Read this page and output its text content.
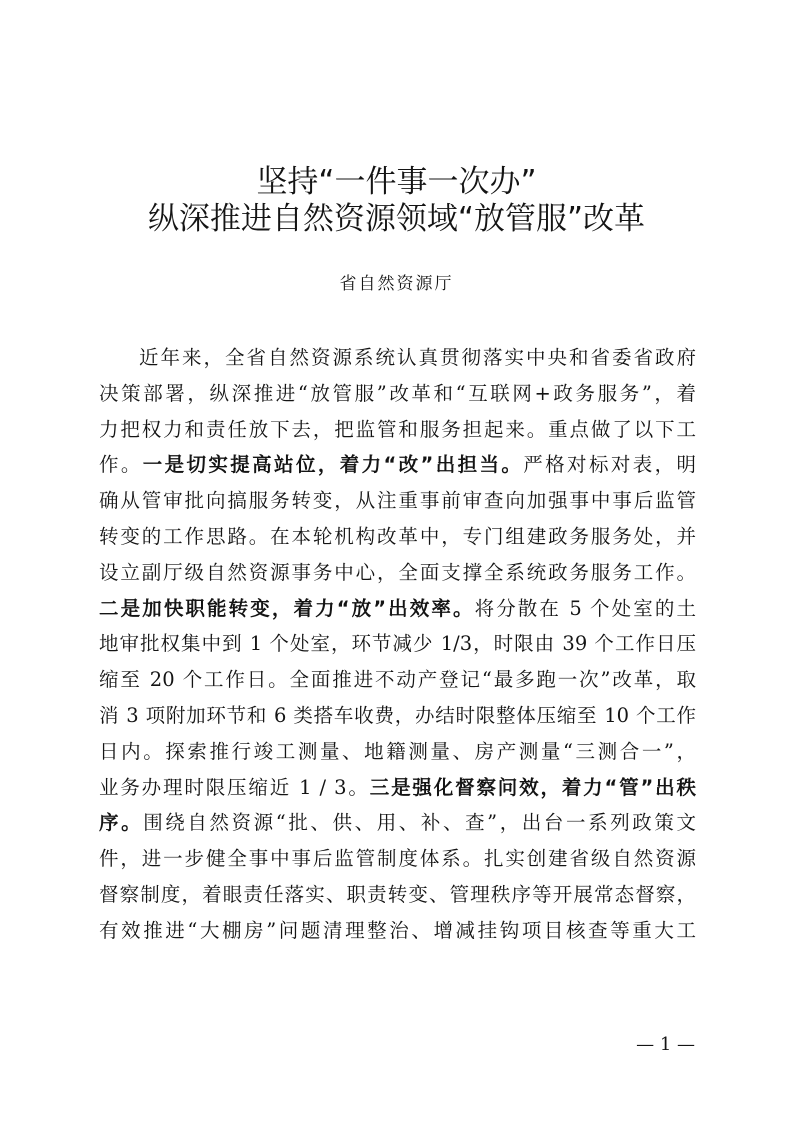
坚持“一件事一次办”
纵深推进自然资源领域“放管服”改革
省自然资源厅
近年来，全省自然资源系统认真贯彻落实中央和省委省政府
决策部署，纵深推进“放管服”改革和“互联网+政务服务”，着
力把权力和责任放下去，把监管和服务担起来。重点做了以下工
作。一是切实提高站位，着力“改”出担当。严格对标对表，明
确从管审批向搞服务转变，从注重事前审查向加强事中事后监管
转变的工作思路。在本轮机构改革中，专门组建政务服务处，并
设立副厅级自然资源事务中心，全面支撑全系统政务服务工作。
二是加快职能转变，着力“放”出效率。将分散在 5 个处室的土
地审批权集中到 1 个处室，环节减少 1/3，时限由 39 个工作日压
缩至 20 个工作日。全面推进不动产登记“最多跑一次”改革，取
消 3 项附加环节和 6 类搭车收费，办结时限整体压缩至 10 个工作
日内。探索推行竣工测量、地籍测量、房产测量“三测合一”，
业务办理时限压缩近 1 / 3。三是强化督察问效，着力“管”出秩
序。围绕自然资源“批、供、用、补、查”，出台一系列政策文
件，进一步健全事中事后监管制度体系。扎实创建省级自然资源
督察制度，着眼责任落实、职责转变、管理秩序等开展常态督察，
有效推进“大棚房”问题清理整治、增减挂钩项目核查等重大工
— 1 —
